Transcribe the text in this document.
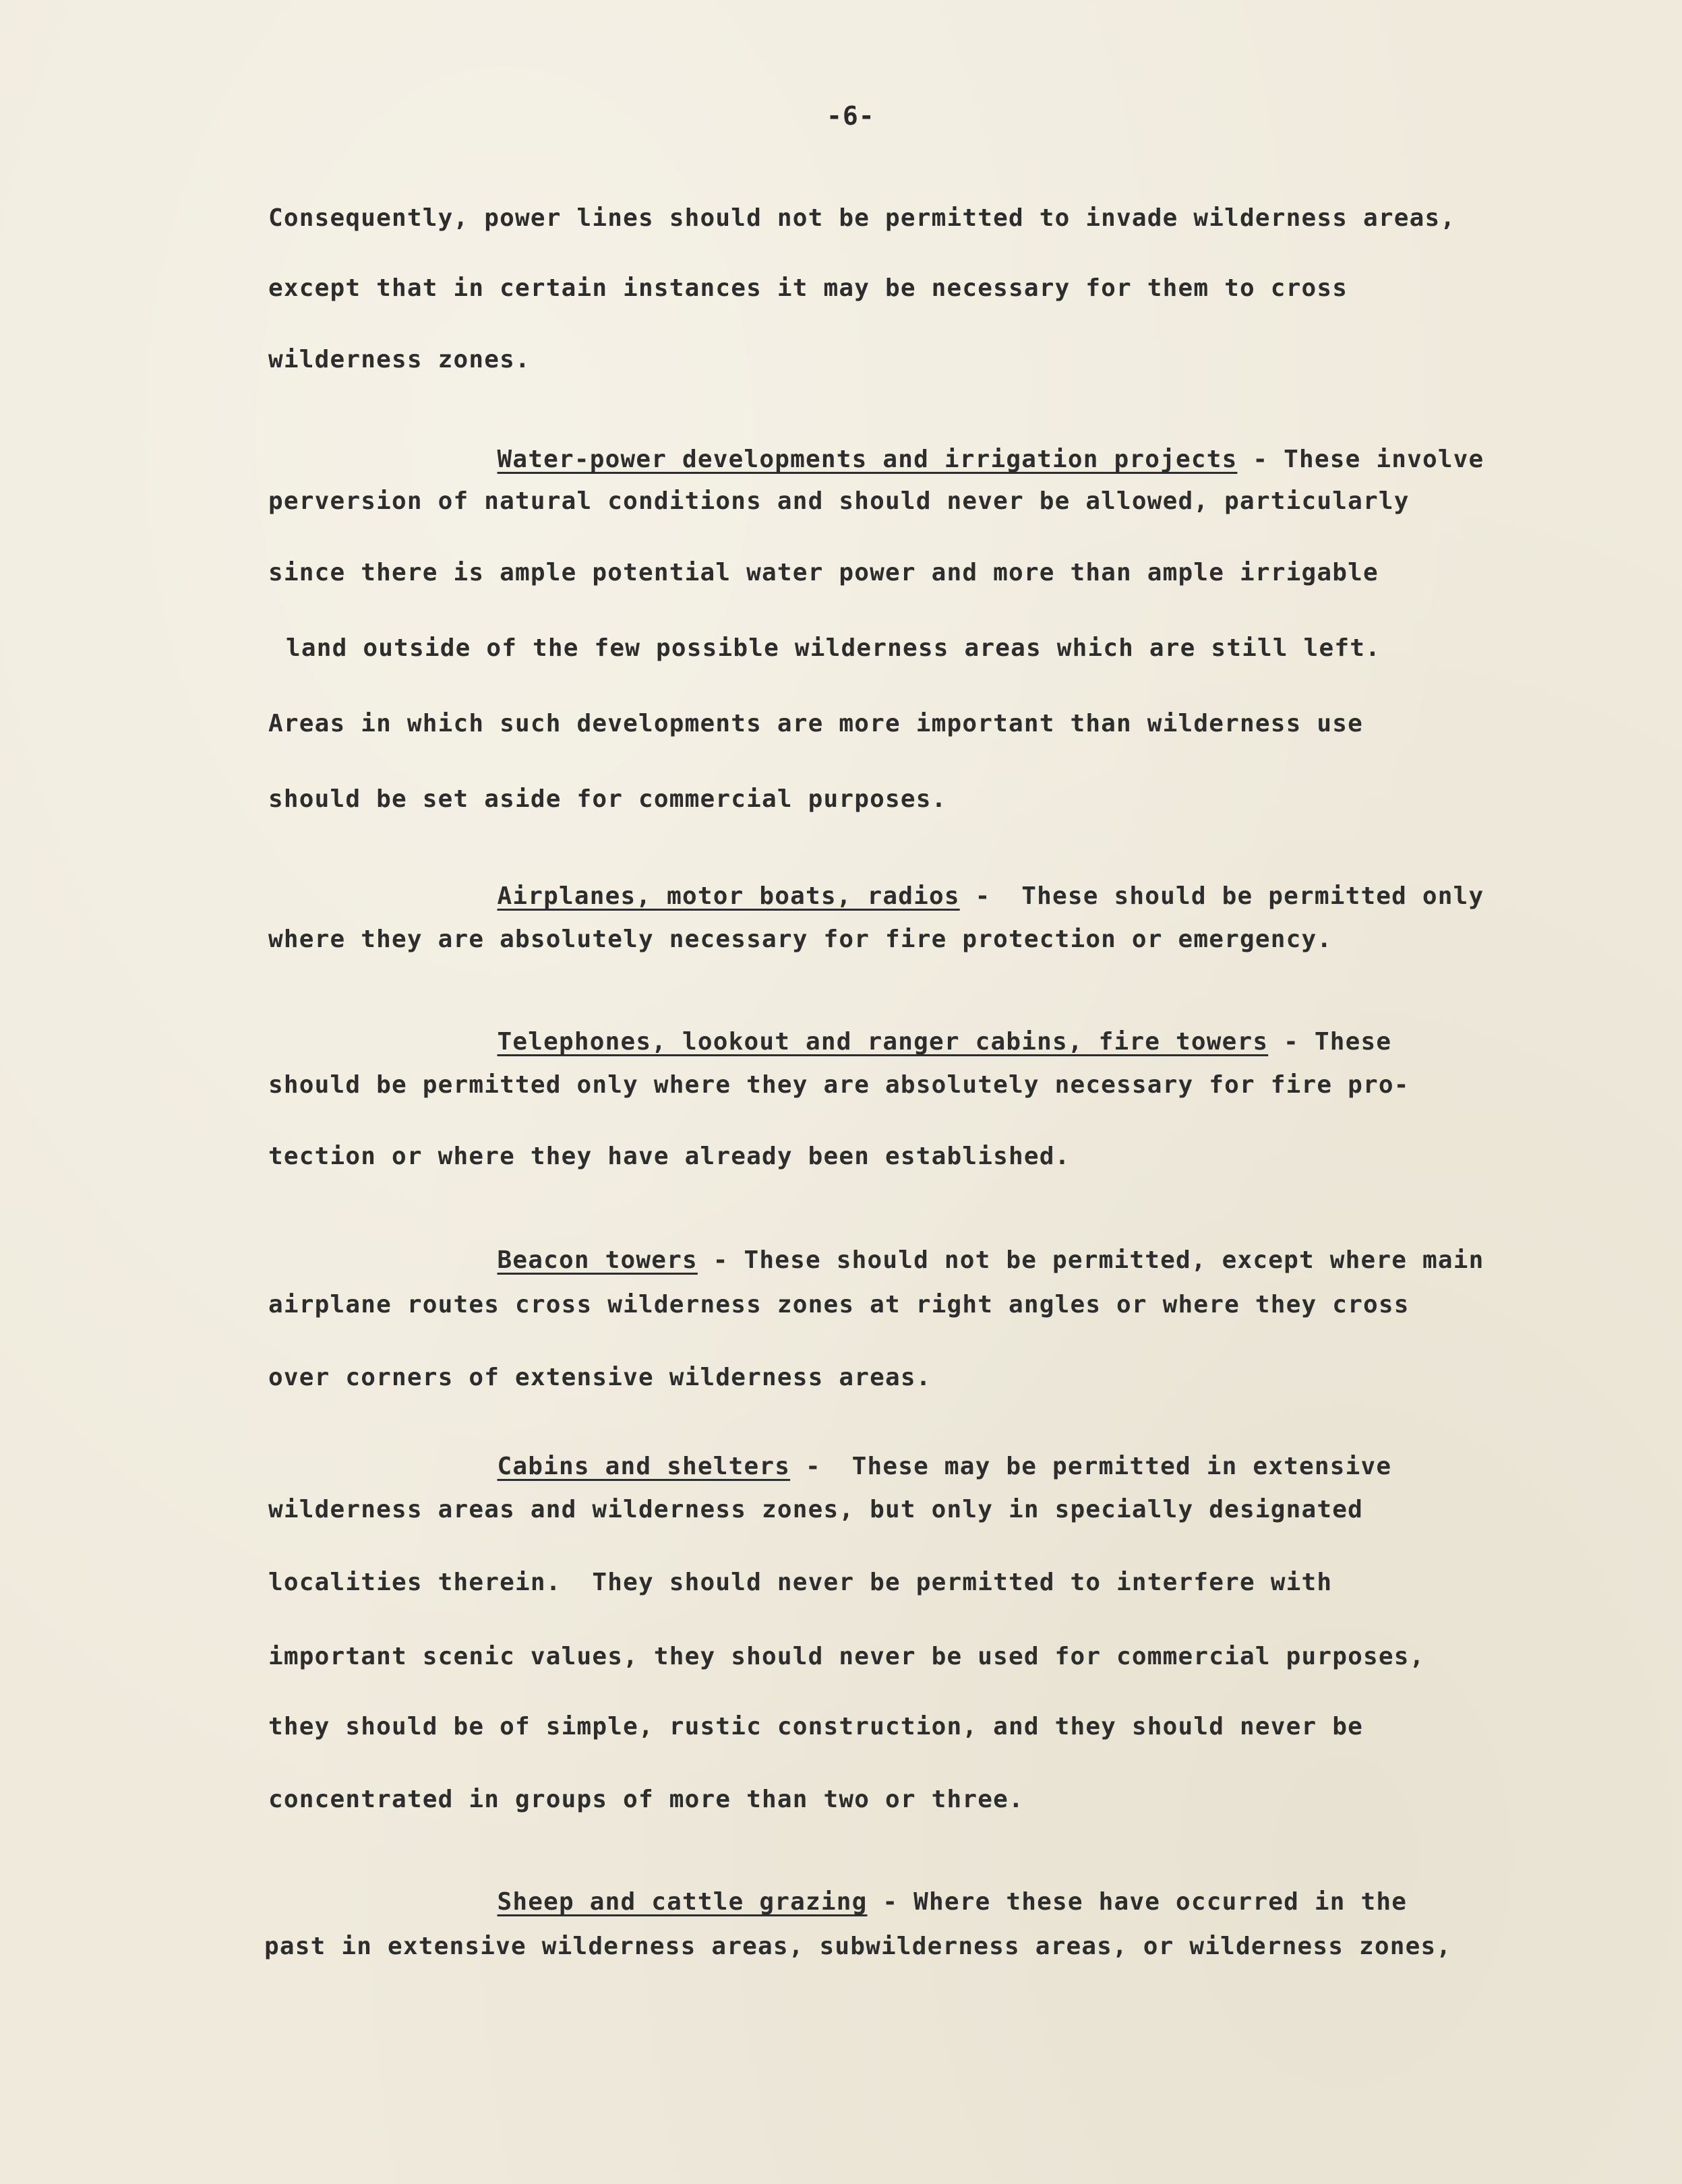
-6-
Consequently, power lines should not be permitted to invade wilderness areas,
except that in certain instances it may be necessary for them to cross
wilderness zones.

Water-power developments and irrigation projects - These involve

perversion of natural conditions and should never be allowed, particularly
since there is ample potential water power and more than ample irrigable
land outside of the few possible wilderness areas which are still left.
Areas in which such developments are more important than wilderness use
should be set aside for commercial purposes.

Airplanes, motor boats, radios -  These should be permitted only

where they are absolutely necessary for fire protection or emergency.

Telephones, lookout and ranger cabins, fire towers - These

should be permitted only where they are absolutely necessary for fire pro-
tection or where they have already been established.

Beacon towers - These should not be permitted, except where main

airplane routes cross wilderness zones at right angles or where they cross
over corners of extensive wilderness areas.

Cabins and shelters -  These may be permitted in extensive

wilderness areas and wilderness zones, but only in specially designated
localities therein.  They should never be permitted to interfere with
important scenic values, they should never be used for commercial purposes,
they should be of simple, rustic construction, and they should never be
concentrated in groups of more than two or three.

Sheep and cattle grazing - Where these have occurred in the

past in extensive wilderness areas, subwilderness areas, or wilderness zones,
